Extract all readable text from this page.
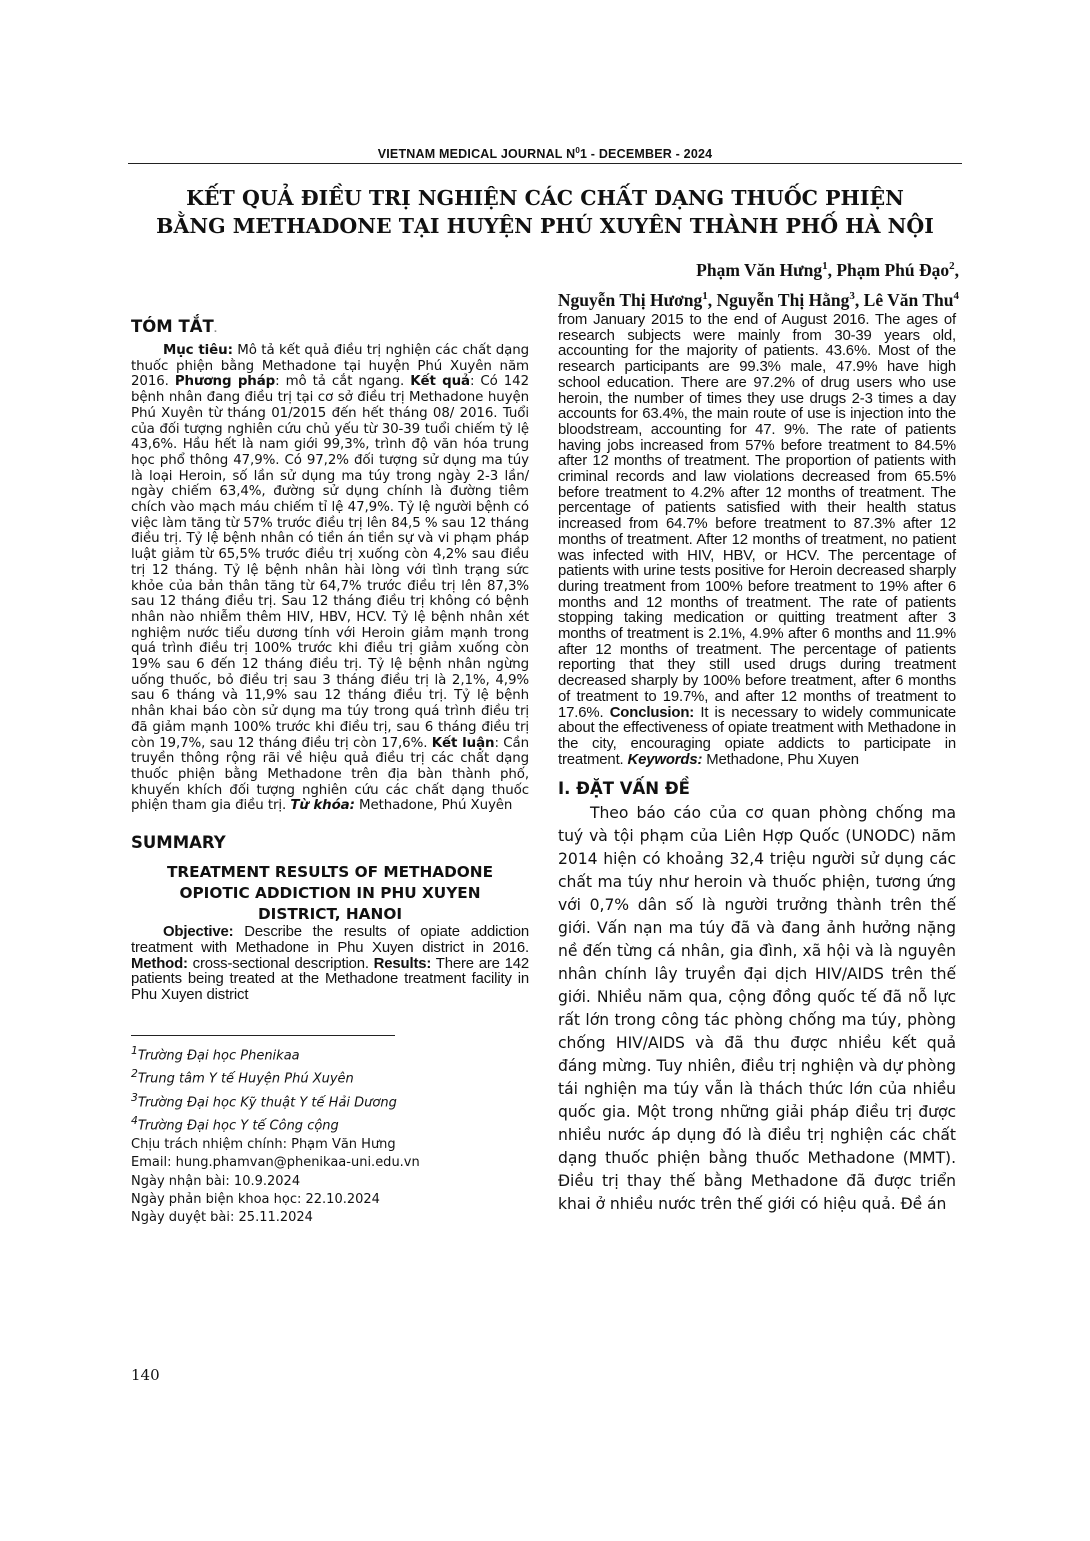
VIETNAM MEDICAL JOURNAL $N^01$ - DECEMBER - 2024
KẾT QUẢ ĐIỀU TRỊ NGHIỆN CÁC CHẤT DẠNG THUỐC PHIỆN
BẰNG METHADONE TẠI HUYỆN PHÚ XUYÊN THÀNH PHỐ HÀ NỘI
Phạm Văn Hưng$^1$, Phạm Phú Đạo$^2$,
Nguyễn Thị Hương$^1$, Nguyễn Thị Hằng$^3$, Lê Văn Thu$^4$
TÓM TẮT.

Mục tiêu: Mô tả kết quả điều trị nghiện các chất dạng thuốc phiện bằng Methadone tại huyện Phú Xuyên năm 2016. Phương pháp: mô tả cắt ngang. Kết quả: Có 142 bệnh nhân đang điều trị tại cơ sở điều trị Methadone huyện Phú Xuyên từ tháng 01/2015 đến hết tháng 08/ 2016. Tuổi của đối tượng nghiên cứu chủ yếu từ 30-39 tuổi chiếm tỷ lệ 43,6%. Hầu hết là nam giới 99,3%, trình độ văn hóa trung học phổ thông 47,9%. Có 97,2% đối tượng sử dụng ma túy là loại Heroin, số lần sử dụng ma túy trong ngày 2-3 lần/ ngày chiếm 63,4%, đường sử dụng chính là đường tiêm chích vào mạch máu chiếm tỉ lệ 47,9%. Tỷ lệ người bệnh có việc làm tăng từ 57% trước điều trị lên 84,5 % sau 12 tháng điều trị. Tỷ lệ bệnh nhân có tiền án tiền sự và vi phạm pháp luật giảm từ 65,5% trước điều trị xuống còn 4,2% sau điều trị 12 tháng. Tỷ lệ bệnh nhân hài lòng với tình trạng sức khỏe của bản thân tăng từ 64,7% trước điều trị lên 87,3% sau 12 tháng điều trị. Sau 12 tháng điều trị không có bệnh nhân nào nhiễm thêm HIV, HBV, HCV. Tỷ lệ bệnh nhân xét nghiệm nước tiểu dương tính với Heroin giảm mạnh trong quá trình điều trị 100% trước khi điều trị giảm xuống còn 19% sau 6 đến 12 tháng điều trị. Tỷ lệ bệnh nhân ngừng uống thuốc, bỏ điều trị sau 3 tháng điều trị là 2,1%, 4,9% sau 6 tháng và 11,9% sau 12 tháng điều trị. Tỷ lệ bệnh nhân khai báo còn sử dụng ma túy trong quá trình điều trị đã giảm mạnh 100% trước khi điều trị, sau 6 tháng điều trị còn 19,7%, sau 12 tháng điều trị còn 17,6%. Kết luận: Cần truyền thông rộng rãi về hiệu quả điều trị các chất dạng thuốc phiện bằng Methadone trên địa bàn thành phố, khuyến khích đối tượng nghiên cứu các chất dạng thuốc phiện tham gia điều trị. Từ khóa: Methadone, Phú Xuyên

SUMMARY

TREATMENT RESULTS OF METHADONE OPIOTIC ADDICTION IN PHU XUYEN DISTRICT, HANOI

Objective: Describe the results of opiate addiction treatment with Methadone in Phu Xuyen district in 2016. Method: cross-sectional description. Results: There are 142 patients being treated at the Methadone treatment facility in Phu Xuyen district

$^1$Trường Đại học Phenikaa

$^2$Trung tâm Y tế Huyện Phú Xuyên

$^3$Trường Đại học Kỹ thuật Y tế Hải Dương

$^4$Trường Đại học Y tế Công cộng

Chịu trách nhiệm chính: Phạm Văn Hưng

Email: hung.phamvan@phenikaa-uni.edu.vn

Ngày nhận bài: 10.9.2024

Ngày phản biện khoa học: 22.10.2024

Ngày duyệt bài: 25.11.2024

from January 2015 to the end of August 2016. The ages of research subjects were mainly from 30-39 years old, accounting for the majority of patients. 43.6%. Most of the research participants are 99.3% male, 47.9% have high school education. There are 97.2% of drug users who use heroin, the number of times they use drugs 2-3 times a day accounts for 63.4%, the main route of use is injection into the bloodstream, accounting for 47. 9%. The rate of patients having jobs increased from 57% before treatment to 84.5% after 12 months of treatment. The proportion of patients with criminal records and law violations decreased from 65.5% before treatment to 4.2% after 12 months of treatment. The percentage of patients satisfied with their health status increased from 64.7% before treatment to 87.3% after 12 months of treatment. After 12 months of treatment, no patient was infected with HIV, HBV, or HCV. The percentage of patients with urine tests positive for Heroin decreased sharply during treatment from 100% before treatment to 19% after 6 months and 12 months of treatment. The rate of patients stopping taking medication or quitting treatment after 3 months of treatment is 2.1%, 4.9% after 6 months and 11.9% after 12 months of treatment. The percentage of patients reporting that they still used drugs during treatment decreased sharply by 100% before treatment, after 6 months of treatment to 19.7%, and after 12 months of treatment to 17.6%. Conclusion: It is necessary to widely communicate about the effectiveness of opiate treatment with Methadone in the city, encouraging opiate addicts to participate in treatment. Keywords: Methadone, Phu Xuyen

I. ĐẶT VẤN ĐỀ

Theo báo cáo của cơ quan phòng chống ma tuý và tội phạm của Liên Hợp Quốc (UNODC) năm 2014 hiện có khoảng 32,4 triệu người sử dụng các chất ma túy như heroin và thuốc phiện, tương ứng với 0,7% dân số là người trưởng thành trên thế giới. Vấn nạn ma túy đã và đang ảnh hưởng nặng nề đến từng cá nhân, gia đình, xã hội và là nguyên nhân chính lây truyền đại dịch HIV/AIDS trên thế giới. Nhiều năm qua, cộng đồng quốc tế đã nỗ lực rất lớn trong công tác phòng chống ma túy, phòng chống HIV/AIDS và đã thu được nhiều kết quả đáng mừng. Tuy nhiên, điều trị nghiện và dự phòng tái nghiện ma túy vẫn là thách thức lớn của nhiều quốc gia. Một trong những giải pháp điều trị được nhiều nước áp dụng đó là điều trị nghiện các chất dạng thuốc phiện bằng thuốc Methadone (MMT). Điều trị thay thế bằng Methadone đã được triển khai ở nhiều nước trên thế giới có hiệu quả. Đề án

140
